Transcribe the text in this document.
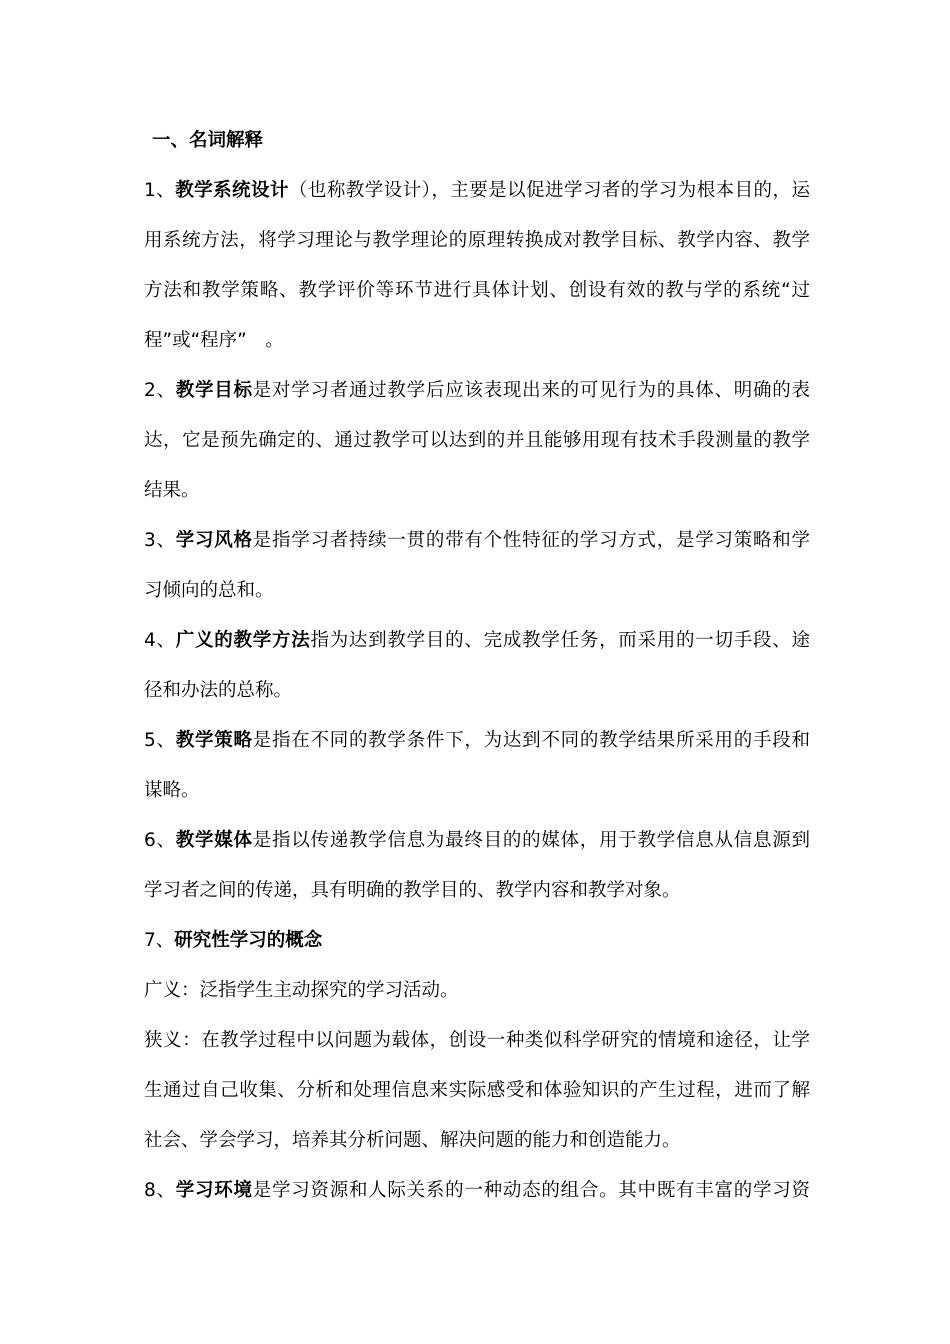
一、名词解释
1、教学系统设计（也称教学设计），主要是以促进学习者的学习为根本目的，运
用系统方法，将学习理论与教学理论的原理转换成对教学目标、教学内容、教学
方法和教学策略、教学评价等环节进行具体计划、创设有效的教与学的系统“过
程”或“程序”　。
2、教学目标是对学习者通过教学后应该表现出来的可见行为的具体、明确的表
达，它是预先确定的、通过教学可以达到的并且能够用现有技术手段测量的教学
结果。
3、学习风格是指学习者持续一贯的带有个性特征的学习方式，是学习策略和学
习倾向的总和。
4、广义的教学方法指为达到教学目的、完成教学任务，而采用的一切手段、途
径和办法的总称。
5、教学策略是指在不同的教学条件下，为达到不同的教学结果所采用的手段和
谋略。
6、教学媒体是指以传递教学信息为最终目的的媒体，用于教学信息从信息源到
学习者之间的传递，具有明确的教学目的、教学内容和教学对象。
7、研究性学习的概念
广义：泛指学生主动探究的学习活动。
狭义：在教学过程中以问题为载体，创设一种类似科学研究的情境和途径，让学
生通过自己收集、分析和处理信息来实际感受和体验知识的产生过程，进而了解
社会、学会学习，培养其分析问题、解决问题的能力和创造能力。
8、学习环境是学习资源和人际关系的一种动态的组合。其中既有丰富的学习资
